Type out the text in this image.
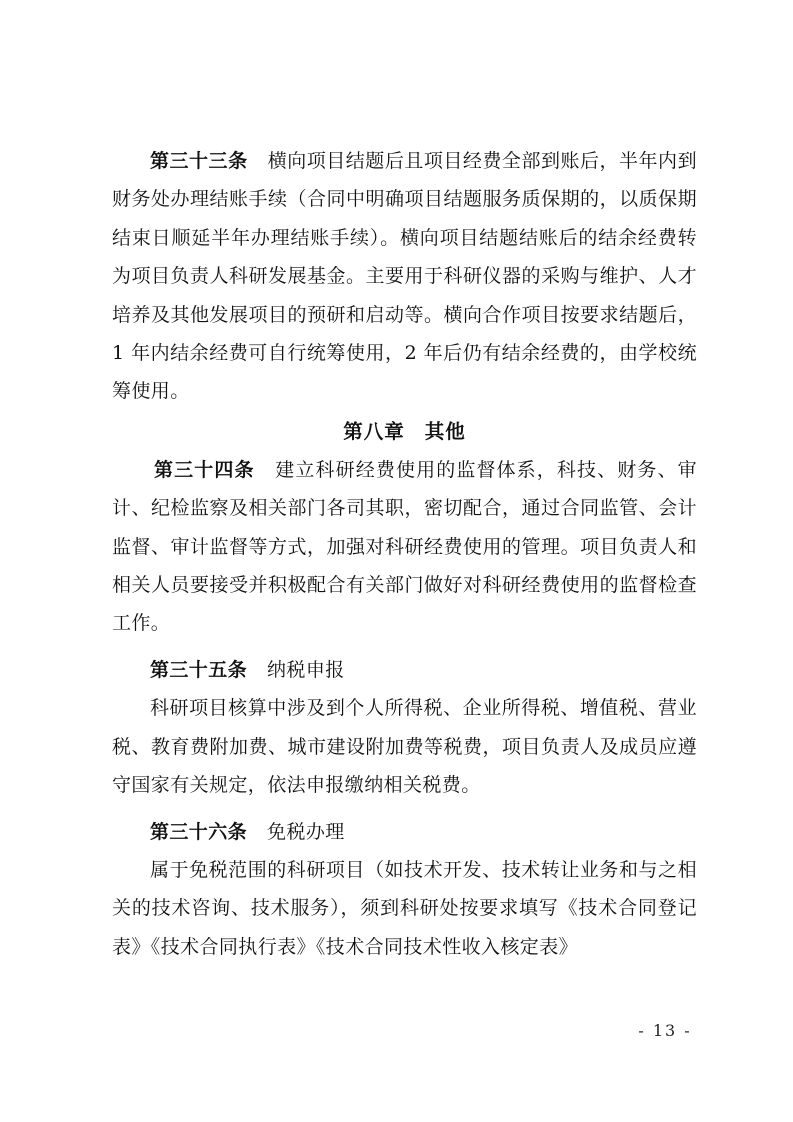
第三十三条 横向项目结题后且项目经费全部到账后，半年内到财务处办理结账手续（合同中明确项目结题服务质保期的，以质保期结束日顺延半年办理结账手续）。横向项目结题结账后的结余经费转为项目负责人科研发展基金。主要用于科研仪器的采购与维护、人才培养及其他发展项目的预研和启动等。横向合作项目按要求结题后，1 年内结余经费可自行统筹使用，2 年后仍有结余经费的，由学校统筹使用。

第八章 其他

第三十四条 建立科研经费使用的监督体系，科技、财务、审计、纪检监察及相关部门各司其职，密切配合，通过合同监管、会计监督、审计监督等方式，加强对科研经费使用的管理。项目负责人和相关人员要接受并积极配合有关部门做好对科研经费使用的监督检查工作。

第三十五条 纳税申报

科研项目核算中涉及到个人所得税、企业所得税、增值税、营业税、教育费附加费、城市建设附加费等税费，项目负责人及成员应遵守国家有关规定，依法申报缴纳相关税费。

第三十六条 免税办理

属于免税范围的科研项目（如技术开发、技术转让业务和与之相关的技术咨询、技术服务），须到科研处按要求填写《技术合同登记表》《技术合同执行表》《技术合同技术性收入核定表》

- 13 -
